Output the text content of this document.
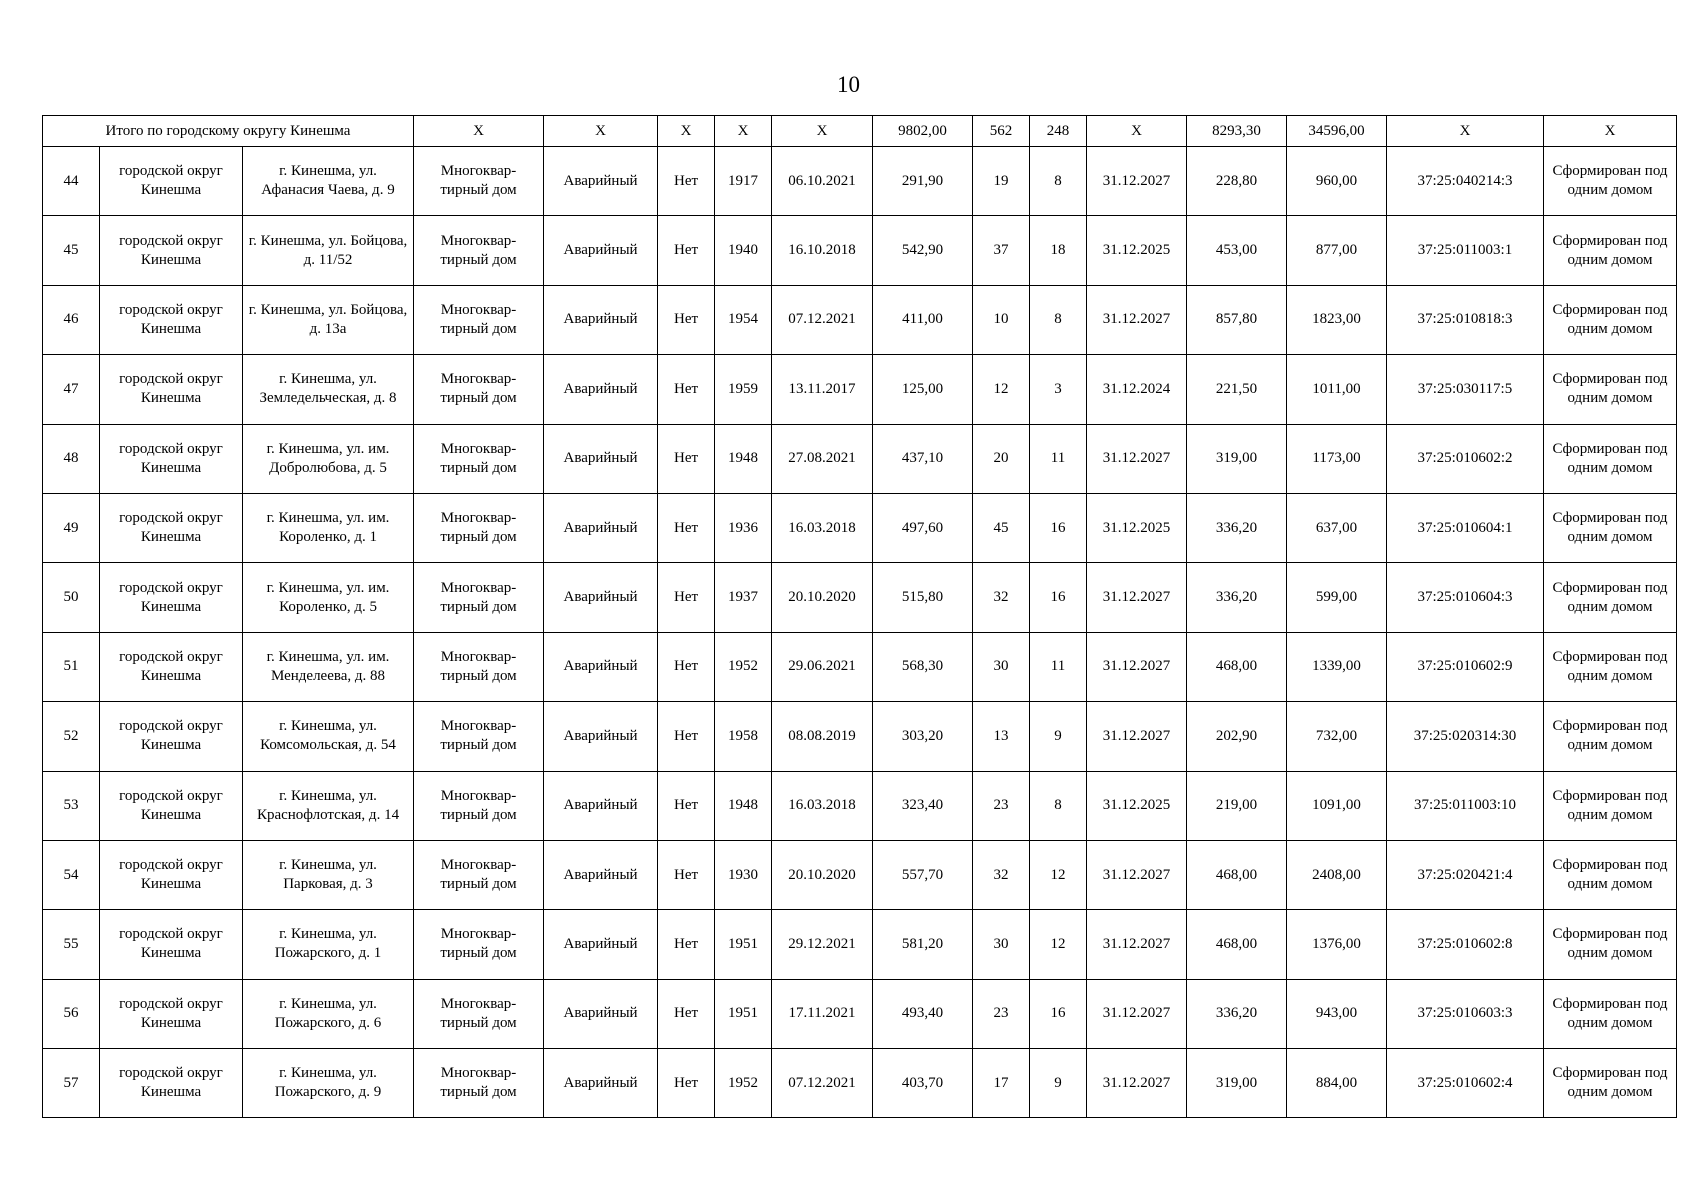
10
Итого по городскому округу Кинешма			X	X	X	X	X	9802,00	562	248	X	8293,30	34596,00	X	X
44	городской округ Кинешма	г. Кинешма, ул. Афанасия Чаева, д. 9	Многоквар-тирный дом	Аварийный	Нет	1917	06.10.2021	291,90	19	8	31.12.2027	228,80	960,00	37:25:040214:3	Сформирован под одним домом
45	городской округ Кинешма	г. Кинешма, ул. Бойцова, д. 11/52	Многоквар-тирный дом	Аварийный	Нет	1940	16.10.2018	542,90	37	18	31.12.2025	453,00	877,00	37:25:011003:1	Сформирован под одним домом
46	городской округ Кинешма	г. Кинешма, ул. Бойцова, д. 13а	Многоквар-тирный дом	Аварийный	Нет	1954	07.12.2021	411,00	10	8	31.12.2027	857,80	1823,00	37:25:010818:3	Сформирован под одним домом
47	городской округ Кинешма	г. Кинешма, ул. Земледельческая, д. 8	Многоквар-тирный дом	Аварийный	Нет	1959	13.11.2017	125,00	12	3	31.12.2024	221,50	1011,00	37:25:030117:5	Сформирован под одним домом
48	городской округ Кинешма	г. Кинешма, ул. им. Добролюбова, д. 5	Многоквар-тирный дом	Аварийный	Нет	1948	27.08.2021	437,10	20	11	31.12.2027	319,00	1173,00	37:25:010602:2	Сформирован под одним домом
49	городской округ Кинешма	г. Кинешма, ул. им. Короленко, д. 1	Многоквар-тирный дом	Аварийный	Нет	1936	16.03.2018	497,60	45	16	31.12.2025	336,20	637,00	37:25:010604:1	Сформирован под одним домом
50	городской округ Кинешма	г. Кинешма, ул. им. Короленко, д. 5	Многоквар-тирный дом	Аварийный	Нет	1937	20.10.2020	515,80	32	16	31.12.2027	336,20	599,00	37:25:010604:3	Сформирован под одним домом
51	городской округ Кинешма	г. Кинешма, ул. им. Менделеева, д. 88	Многоквар-тирный дом	Аварийный	Нет	1952	29.06.2021	568,30	30	11	31.12.2027	468,00	1339,00	37:25:010602:9	Сформирован под одним домом
52	городской округ Кинешма	г. Кинешма, ул. Комсомольская, д. 54	Многоквар-тирный дом	Аварийный	Нет	1958	08.08.2019	303,20	13	9	31.12.2027	202,90	732,00	37:25:020314:30	Сформирован под одним домом
53	городской округ Кинешма	г. Кинешма, ул. Краснофлотская, д. 14	Многоквар-тирный дом	Аварийный	Нет	1948	16.03.2018	323,40	23	8	31.12.2025	219,00	1091,00	37:25:011003:10	Сформирован под одним домом
54	городской округ Кинешма	г. Кинешма, ул. Парковая, д. 3	Многоквар-тирный дом	Аварийный	Нет	1930	20.10.2020	557,70	32	12	31.12.2027	468,00	2408,00	37:25:020421:4	Сформирован под одним домом
55	городской округ Кинешма	г. Кинешма, ул. Пожарского, д. 1	Многоквар-тирный дом	Аварийный	Нет	1951	29.12.2021	581,20	30	12	31.12.2027	468,00	1376,00	37:25:010602:8	Сформирован под одним домом
56	городской округ Кинешма	г. Кинешма, ул. Пожарского, д. 6	Многоквар-тирный дом	Аварийный	Нет	1951	17.11.2021	493,40	23	16	31.12.2027	336,20	943,00	37:25:010603:3	Сформирован под одним домом
57	городской округ Кинешма	г. Кинешма, ул. Пожарского, д. 9	Многоквар-тирный дом	Аварийный	Нет	1952	07.12.2021	403,70	17	9	31.12.2027	319,00	884,00	37:25:010602:4	Сформирован под одним домом
